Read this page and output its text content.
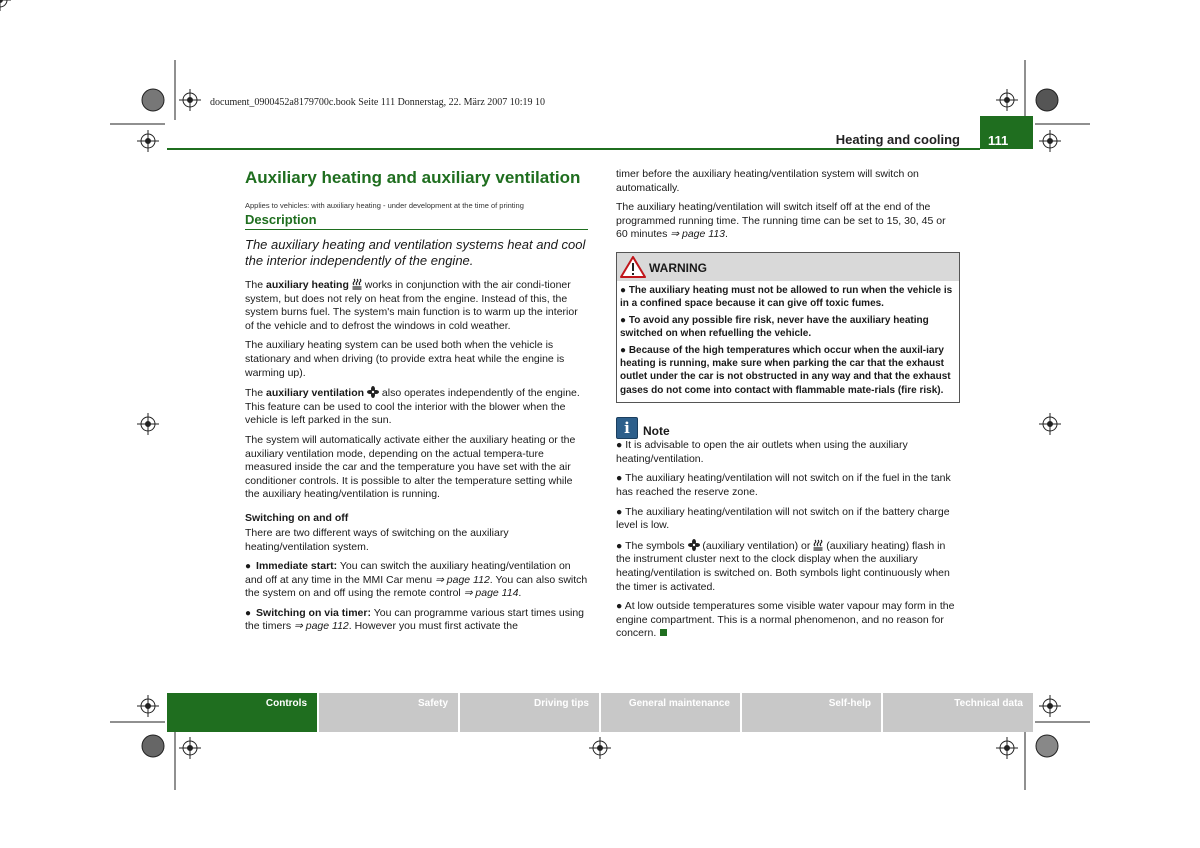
document_0900452a8179700c.book Seite 111 Donnerstag, 22. März 2007 10:19 10
Heating and cooling 111
Auxiliary heating and auxiliary ventilation
Applies to vehicles: with auxiliary heating - under development at the time of printing
Description
The auxiliary heating and ventilation systems heat and cool the interior independently of the engine.

The auxiliary heating  works in conjunction with the air condi-tioner system, but does not rely on heat from the engine. Instead of this, the system burns fuel. The system's main function is to warm up the interior of the vehicle and to defrost the windows in cold weather.

The auxiliary heating system can be used both when the vehicle is stationary and when driving (to provide extra heat while the engine is warming up).

The auxiliary ventilation  also operates independently of the engine. This feature can be used to cool the interior with the blower when the vehicle is left parked in the sun.

The system will automatically activate either the auxiliary heating or the auxiliary ventilation mode, depending on the actual tempera-ture measured inside the car and the temperature you have set with the air conditioner controls. It is possible to alter the temperature setting while the auxiliary heating/ventilation is running.

Switching on and off

There are two different ways of switching on the auxiliary heating/ventilation system.

● Immediate start: You can switch the auxiliary heating/ventilation on and off at any time in the MMI Car menu ⇒ page 112. You can also switch the system on and off using the remote control ⇒ page 114.

● Switching on via timer: You can programme various start times using the timers ⇒ page 112. However you must first activate the

timer before the auxiliary heating/ventilation system will switch on automatically.

The auxiliary heating/ventilation will switch itself off at the end of the programmed running time. The running time can be set to 15, 30, 45 or 60 minutes ⇒ page 113.

WARNING

● The auxiliary heating must not be allowed to run when the vehicle is in a confined space because it can give off toxic fumes.

● To avoid any possible fire risk, never have the auxiliary heating switched on when refuelling the vehicle.

● Because of the high temperatures which occur when the auxil-iary heating is running, make sure when parking the car that the exhaust outlet under the car is not obstructed in any way and that the exhaust gases do not come into contact with flammable mate-rials (fire risk).

i	Note

● It is advisable to open the air outlets when using the auxiliary heating/ventilation.

● The auxiliary heating/ventilation will not switch on if the fuel in the tank has reached the reserve zone.

● The auxiliary heating/ventilation will not switch on if the battery charge level is low.

● The symbols  (auxiliary ventilation) or  (auxiliary heating) flash in the instrument cluster next to the clock display when the auxiliary heating/ventilation is switched on. Both symbols light continuously when the timer is activated.

● At low outside temperatures some visible water vapour may form in the engine compartment. This is a normal phenomenon, and no reason for concern.

Controls	Safety	Driving tips	General maintenance	Self-help	Technical data
